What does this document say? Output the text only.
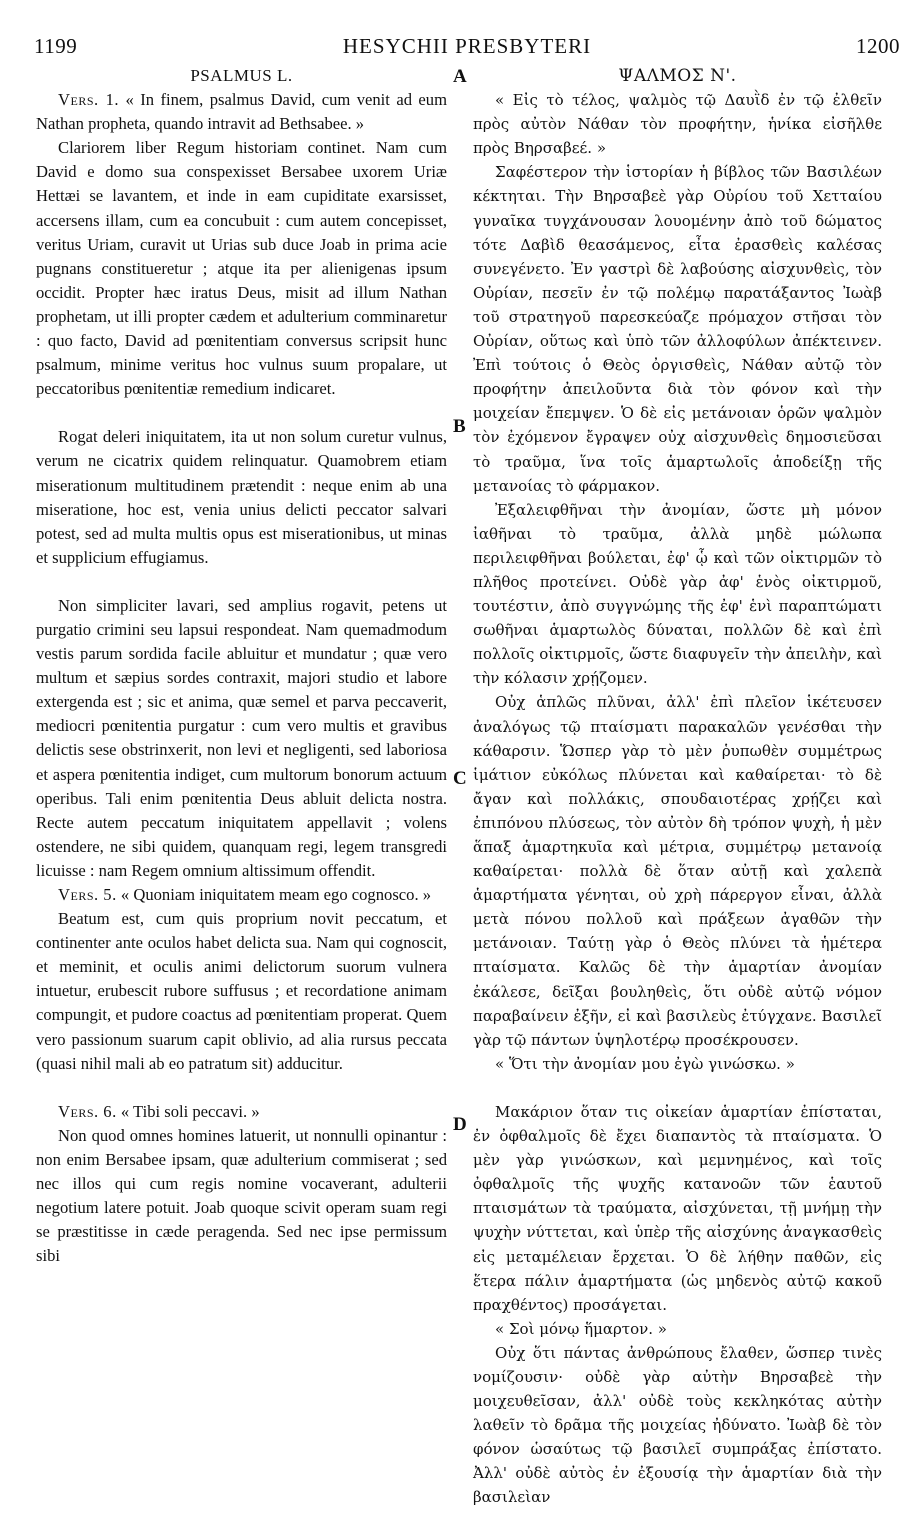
1199	HESYCHII PRESBYTERI	1200
A
B
C
D
PSALMUS L.

Vers. 1. « In finem, psalmus David, cum venit ad eum Nathan propheta, quando intravit ad Bethsabee. »

Clariorem liber Regum historiam continet. Nam cum David e domo sua conspexisset Bersabee uxorem Uriæ Hettæi se lavantem, et inde in eam cupiditate exarsisset, accersens illam, cum ea concubuit : cum autem concepisset, veritus Uriam, curavit ut Urias sub duce Joab in prima acie pugnans constitueretur ; atque ita per alienigenas ipsum occidit. Propter hæc iratus Deus, misit ad illum Nathan prophetam, ut illi propter cædem et adulterium comminaretur : quo facto, David ad pœnitentiam conversus scripsit hunc psalmum, minime veritus hoc vulnus suum propalare, ut peccatoribus pœnitentiæ remedium indicaret.

Rogat deleri iniquitatem, ita ut non solum curetur vulnus, verum ne cicatrix quidem relinquatur. Quamobrem etiam miserationum multitudinem prætendit : neque enim ab una miseratione, hoc est, venia unius delicti peccator salvari potest, sed ad multa multis opus est miserationibus, ut minas et supplicium effugiamus.

Non simpliciter lavari, sed amplius rogavit, petens ut purgatio crimini seu lapsui respondeat. Nam quemadmodum vestis parum sordida facile abluitur et mundatur ; quæ vero multum et sæpius sordes contraxit, majori studio et labore extergenda est ; sic et anima, quæ semel et parva peccaverit, mediocri pœnitentia purgatur : cum vero multis et gravibus delictis sese obstrinxerit, non levi et negligenti, sed laboriosa et aspera pœnitentia indiget, cum multorum bonorum actuum operibus. Tali enim pœnitentia Deus abluit delicta nostra. Recte autem peccatum iniquitatem appellavit ; volens ostendere, ne sibi quidem, quanquam regi, legem transgredi licuisse : nam Regem omnium altissimum offendit.

Vers. 5. « Quoniam iniquitatem meam ego cognosco. »

Beatum est, cum quis proprium novit peccatum, et continenter ante oculos habet delicta sua. Nam qui cognoscit, et meminit, et oculis animi delictorum suorum vulnera intuetur, erubescit rubore suffusus ; et recordatione animam compungit, et pudore coactus ad pœnitentiam properat. Quem vero passionum suarum capit oblivio, ad alia rursus peccata (quasi nihil mali ab eo patratum sit) adducitur.

Vers. 6. « Tibi soli peccavi. »

Non quod omnes homines latuerit, ut nonnulli opinantur : non enim Bersabee ipsam, quæ adulterium commiserat ; sed nec illos qui cum regis nomine vocaverant, adulterii negotium latere potuit. Joab quoque scivit operam suam regi se præstitisse in cæde peragenda. Sed nec ipse permissum sibi

ΨΑΛΜΟΣ Ν'.

« Εἰς τὸ τέλος, ψαλμὸς τῷ Δαυῒδ ἐν τῷ ἐλθεῖν πρὸς αὐτὸν Νάθαν τὸν προφήτην, ἡνίκα εἰσῆλθε πρὸς Βηρσαβεέ. »

Σαφέστερον τὴν ἱστορίαν ἡ βίβλος τῶν Βασιλέων κέκτηται. Τὴν Βηρσαβεὲ γὰρ Οὐρίου τοῦ Χετταίου γυναῖκα τυγχάνουσαν λουομένην ἀπὸ τοῦ δώματος τότε Δαβὶδ θεασάμενος, εἶτα ἐρασθεὶς καλέσας συνεγένετο. Ἐν γαστρὶ δὲ λαβούσης αἰσχυνθεὶς, τὸν Οὐρίαν, πεσεῖν ἐν τῷ πολέμῳ παρατάξαντος Ἰωὰβ τοῦ στρατηγοῦ παρεσκεύαζε πρόμαχον στῆσαι τὸν Οὐρίαν, οὕτως καὶ ὑπὸ τῶν ἀλλοφύλων ἀπέκτεινεν. Ἐπὶ τούτοις ὁ Θεὸς ὀργισθεὶς, Νάθαν αὐτῷ τὸν προφήτην ἀπειλοῦντα διὰ τὸν φόνον καὶ τὴν μοιχείαν ἔπεμψεν. Ὁ δὲ εἰς μετάνοιαν ὁρῶν ψαλμὸν τὸν ἐχόμενον ἔγραψεν οὐχ αἰσχυνθεὶς δημοσιεῦσαι τὸ τραῦμα, ἵνα τοῖς ἁμαρτωλοῖς ἀποδείξῃ τῆς μετανοίας τὸ φάρμακον.

Ἐξαλειφθῆναι τὴν ἀνομίαν, ὥστε μὴ μόνον ἰαθῆναι τὸ τραῦμα, ἀλλὰ μηδὲ μώλωπα περιλειφθῆναι βούλεται, ἐφ' ᾧ καὶ τῶν οἰκτιρμῶν τὸ πλῆθος προτείνει. Οὐδὲ γὰρ ἀφ' ἑνὸς οἰκτιρμοῦ, τουτέστιν, ἀπὸ συγγνώμης τῆς ἐφ' ἑνὶ παραπτώματι σωθῆναι ἁμαρτωλὸς δύναται, πολλῶν δὲ καὶ ἐπὶ πολλοῖς οἰκτιρμοῖς, ὥστε διαφυγεῖν τὴν ἀπειλὴν, καὶ τὴν κόλασιν χρῄζομεν.

Οὐχ ἁπλῶς πλῦναι, ἀλλ' ἐπὶ πλεῖον ἱκέτευσεν ἀναλόγως τῷ πταίσματι παρακαλῶν γενέσθαι τὴν κάθαρσιν. Ὥσπερ γὰρ τὸ μὲν ῥυπωθὲν συμμέτρως ἱμάτιον εὐκόλως πλύνεται καὶ καθαίρεται· τὸ δὲ ἄγαν καὶ πολλάκις, σπουδαιοτέρας χρῄζει καὶ ἐπιπόνου πλύσεως, τὸν αὐτὸν δὴ τρόπον ψυχὴ, ἡ μὲν ἅπαξ ἁμαρτηκυῖα καὶ μέτρια, συμμέτρῳ μετανοίᾳ καθαίρεται· πολλὰ δὲ ὅταν αὐτῇ καὶ χαλεπὰ ἁμαρτήματα γένηται, οὐ χρὴ πάρεργον εἶναι, ἀλλὰ μετὰ πόνου πολλοῦ καὶ πράξεων ἀγαθῶν τὴν μετάνοιαν. Ταύτῃ γὰρ ὁ Θεὸς πλύνει τὰ ἡμέτερα πταίσματα. Καλῶς δὲ τὴν ἁμαρτίαν ἀνομίαν ἐκάλεσε, δεῖξαι βουληθεὶς, ὅτι οὐδὲ αὐτῷ νόμον παραβαίνειν ἐξῆν, εἰ καὶ βασιλεὺς ἐτύγχανε. Βασιλεῖ γὰρ τῷ πάντων ὑψηλοτέρῳ προσέκρουσεν.

« Ὅτι τὴν ἀνομίαν μου ἐγὼ γινώσκω. »

Μακάριον ὅταν τις οἰκείαν ἁμαρτίαν ἐπίσταται, ἐν ὀφθαλμοῖς δὲ ἔχει διαπαντὸς τὰ πταίσματα. Ὁ μὲν γὰρ γινώσκων, καὶ μεμνημένος, καὶ τοῖς ὀφθαλμοῖς τῆς ψυχῆς κατανοῶν τῶν ἑαυτοῦ πταισμάτων τὰ τραύματα, αἰσχύνεται, τῇ μνήμῃ τὴν ψυχὴν νύττεται, καὶ ὑπὲρ τῆς αἰσχύνης ἀναγκασθεὶς εἰς μεταμέλειαν ἔρχεται. Ὁ δὲ λήθην παθῶν, εἰς ἕτερα πάλιν ἁμαρτήματα (ὡς μηδενὸς αὐτῷ κακοῦ πραχθέντος) προσάγεται.

« Σοὶ μόνῳ ἥμαρτον. »

Οὐχ ὅτι πάντας ἀνθρώπους ἔλαθεν, ὥσπερ τινὲς νομίζουσιν· οὐδὲ γὰρ αὐτὴν Βηρσαβεὲ τὴν μοιχευθεῖσαν, ἀλλ' οὐδὲ τοὺς κεκληκότας αὐτὴν λαθεῖν τὸ δρᾶμα τῆς μοιχείας ἠδύνατο. Ἰωὰβ δὲ τὸν φόνον ὡσαύτως τῷ βασιλεῖ συμπράξας ἐπίστατο. Ἀλλ' οὐδὲ αὐτὸς ἐν ἐξουσίᾳ τὴν ἁμαρτίαν διὰ τὴν βασιλεὶαν
